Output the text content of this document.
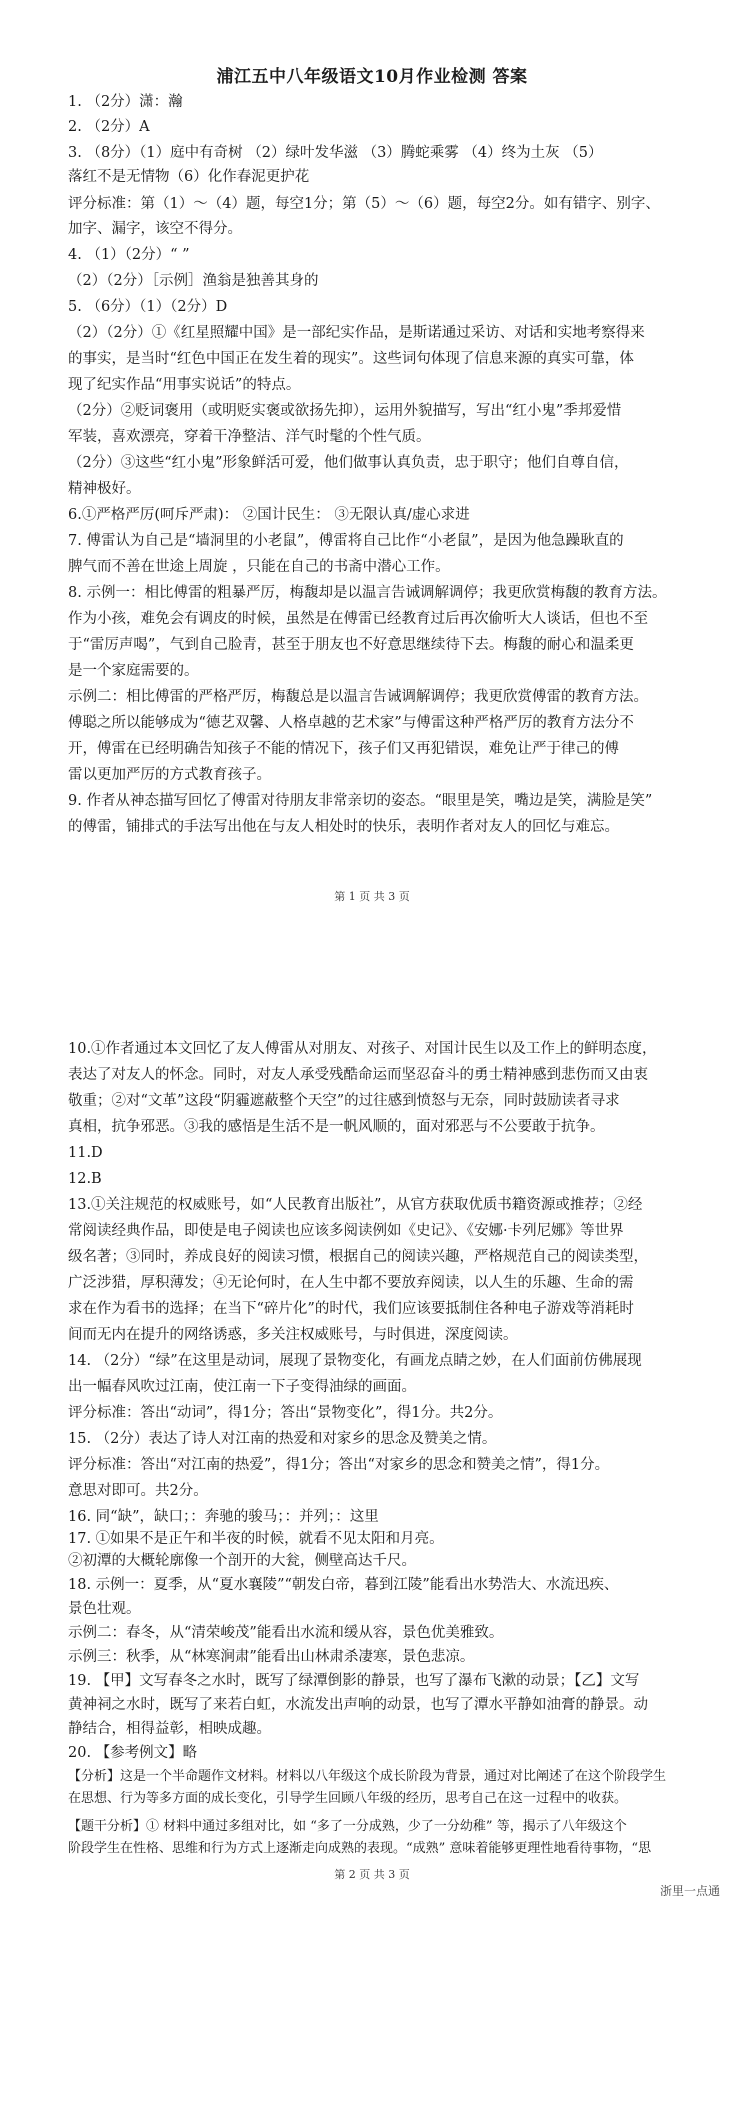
浦江五中八年级语文10月作业检测 答案
1. （2分）潇：瀚
2. （2分）A
3. （8分）（1）庭中有奇树 （2）绿叶发华滋 （3）腾蛇乘雾 （4）终为土灰 （5）
落红不是无情物（6）化作春泥更护花
评分标准：第（1）～（4）题，每空1分；第（5）～（6）题，每空2分。如有错字、别字、
加字、漏字，该空不得分。
4. （1）（2分）“ ”
（2）（2分）［示例］渔翁是独善其身的
5. （6分）（1）（2分）D
（2）（2分）①《红星照耀中国》是一部纪实作品，是斯诺通过采访、对话和实地考察得来
的事实，是当时“红色中国正在发生着的现实”。这些词句体现了信息来源的真实可靠，体
现了纪实作品“用事实说话”的特点。
（2分）②贬词褒用（或明贬实褒或欲扬先抑），运用外貌描写，写出“红小鬼”季邦爱惜
军装，喜欢漂亮，穿着干净整洁、洋气时髦的个性气质。
（2分）③这些“红小鬼”形象鲜活可爱，他们做事认真负责，忠于职守；他们自尊自信，
精神极好。
6.①严格严厉(呵斥严肃)： ②国计民生： ③无限认真/虚心求进
7. 傅雷认为自己是“墙洞里的小老鼠”，傅雷将自己比作“小老鼠”，是因为他急躁耿直的
脾气而不善在世途上周旋 ，只能在自己的书斋中潜心工作。
8. 示例一：相比傅雷的粗暴严厉，梅馥却是以温言告诫调解调停；我更欣赏梅馥的教育方法。
作为小孩，难免会有调皮的时候，虽然是在傅雷已经教育过后再次偷听大人谈话，但也不至
于“雷厉声喝”，气到自己脸青，甚至于朋友也不好意思继续待下去。梅馥的耐心和温柔更
是一个家庭需要的。
示例二：相比傅雷的严格严厉，梅馥总是以温言告诫调解调停；我更欣赏傅雷的教育方法。
傅聪之所以能够成为“德艺双馨、人格卓越的艺术家”与傅雷这种严格严厉的教育方法分不
开，傅雷在已经明确告知孩子不能的情况下，孩子们又再犯错误，难免让严于律己的傅
雷以更加严厉的方式教育孩子。
9. 作者从神态描写回忆了傅雷对待朋友非常亲切的姿态。“眼里是笑，嘴边是笑，满脸是笑”
的傅雷，铺排式的手法写出他在与友人相处时的快乐，表明作者对友人的回忆与难忘。
第 1 页 共 3 页
10.①作者通过本文回忆了友人傅雷从对朋友、对孩子、对国计民生以及工作上的鲜明态度，
表达了对友人的怀念。同时，对友人承受残酷命运而坚忍奋斗的勇士精神感到悲伤而又由衷
敬重；②对“文革”这段“阴霾遮蔽整个天空”的过往感到愤怒与无奈，同时鼓励读者寻求
真相，抗争邪恶。③我的感悟是生活不是一帆风顺的，面对邪恶与不公要敢于抗争。
11.D
12.B
13.①关注规范的权威账号，如“人民教育出版社”，从官方获取优质书籍资源或推荐；②经
常阅读经典作品，即使是电子阅读也应该多阅读例如《史记》、《安娜·卡列尼娜》等世界
级名著；③同时，养成良好的阅读习惯，根据自己的阅读兴趣，严格规范自己的阅读类型，
广泛涉猎，厚积薄发；④无论何时，在人生中都不要放弃阅读，以人生的乐趣、生命的需
求在作为看书的选择；在当下“碎片化”的时代，我们应该要抵制住各种电子游戏等消耗时
间而无内在提升的网络诱惑，多关注权威账号，与时俱进，深度阅读。
14. （2分）“绿”在这里是动词，展现了景物变化，有画龙点睛之妙，在人们面前仿佛展现
出一幅春风吹过江南，使江南一下子变得油绿的画面。
评分标准：答出“动词”，得1分；答出“景物变化”，得1分。共2分。
15. （2分）表达了诗人对江南的热爱和对家乡的思念及赞美之情。
评分标准：答出“对江南的热爱”，得1分；答出“对家乡的思念和赞美之情”，得1分。
意思对即可。共2分。
16. 同“缺”，缺口；：奔驰的骏马；：并列；：这里
17. ①如果不是正午和半夜的时候，就看不见太阳和月亮。
②初潭的大概轮廓像一个剖开的大瓮，侧壁高达千尺。
18. 示例一：夏季，从“夏水襄陵”“朝发白帝，暮到江陵”能看出水势浩大、水流迅疾、
景色壮观。
示例二：春冬，从“清荣峻茂”能看出水流和缓从容，景色优美雅致。
示例三：秋季，从“林寒涧肃”能看出山林肃杀凄寒，景色悲凉。
19. 【甲】文写春冬之水时，既写了绿潭倒影的静景，也写了瀑布飞漱的动景；【乙】文写
黄神祠之水时，既写了来若白虹，水流发出声响的动景，也写了潭水平静如油膏的静景。动
静结合，相得益彰，相映成趣。
20. 【参考例文】略
【分析】这是一个半命题作文材料。材料以八年级这个成长阶段为背景，通过对比阐述了在这个阶段学生
在思想、行为等多方面的成长变化，引导学生回顾八年级的经历，思考自己在这一过程中的收获。
【题干分析】① 材料中通过多组对比，如 “多了一分成熟，少了一分幼稚” 等，揭示了八年级这个
阶段学生在性格、思维和行为方式上逐渐走向成熟的表现。“成熟” 意味着能够更理性地看待事物，“思
第 2 页 共 3 页
浙里一点通
